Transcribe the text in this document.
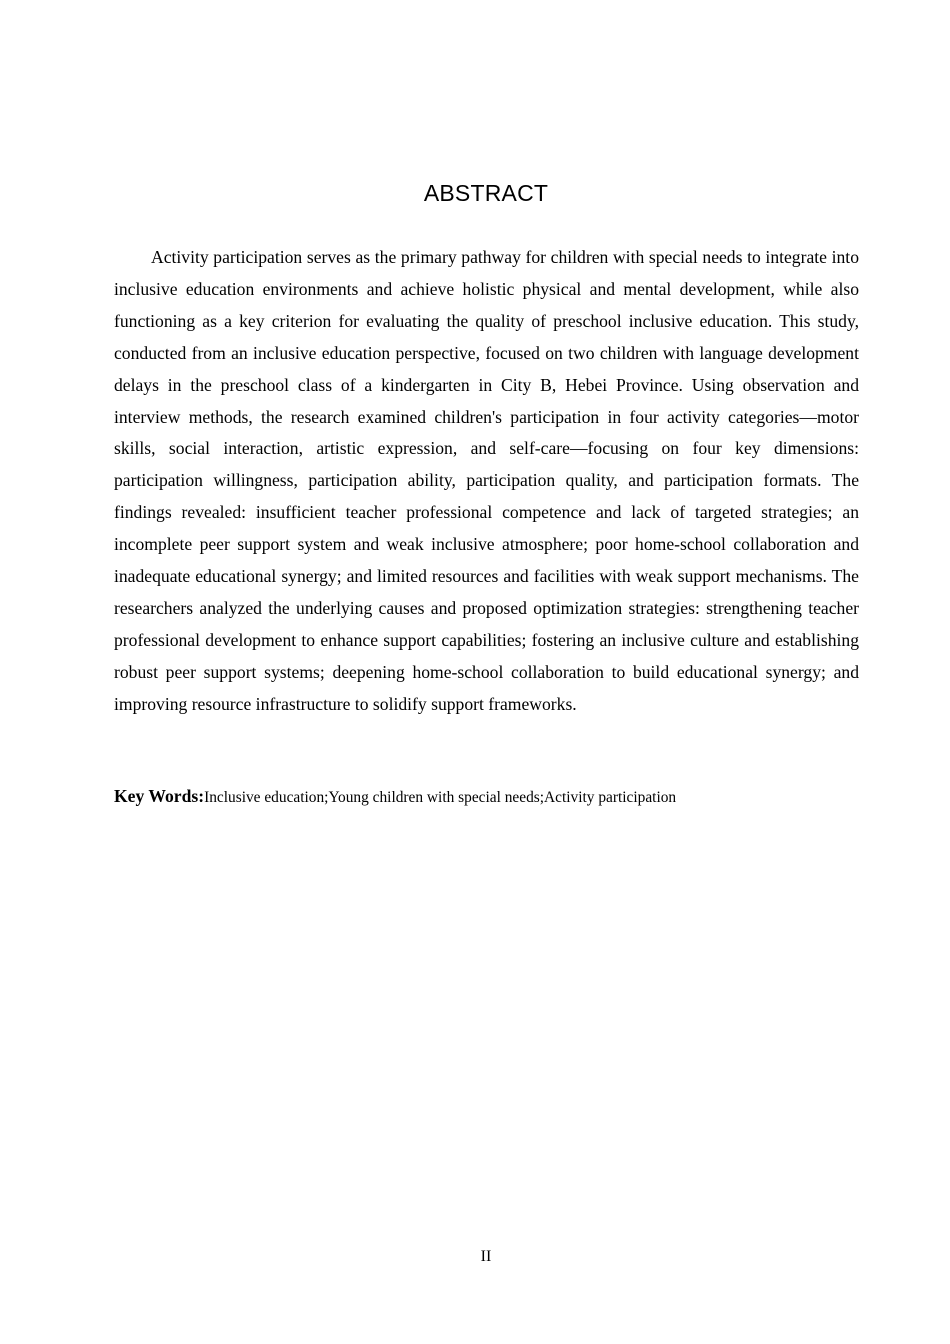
ABSTRACT

Activity participation serves as the primary pathway for children with special needs to integrate into inclusive education environments and achieve holistic physical and mental development, while also functioning as a key criterion for evaluating the quality of preschool inclusive education. This study, conducted from an inclusive education perspective, focused on two children with language development delays in the preschool class of a kindergarten in City B, Hebei Province. Using observation and interview methods, the research examined children's participation in four activity categories—motor skills, social interaction, artistic expression, and self-care—focusing on four key dimensions: participation willingness, participation ability, participation quality, and participation formats. The findings revealed: insufficient teacher professional competence and lack of targeted strategies; an incomplete peer support system and weak inclusive atmosphere; poor home-school collaboration and inadequate educational synergy; and limited resources and facilities with weak support mechanisms. The researchers analyzed the underlying causes and proposed optimization strategies: strengthening teacher professional development to enhance support capabilities; fostering an inclusive culture and establishing robust peer support systems; deepening home-school collaboration to build educational synergy; and improving resource infrastructure to solidify support frameworks.

Key Words:Inclusive education;Young children with special needs;Activity participation

II
